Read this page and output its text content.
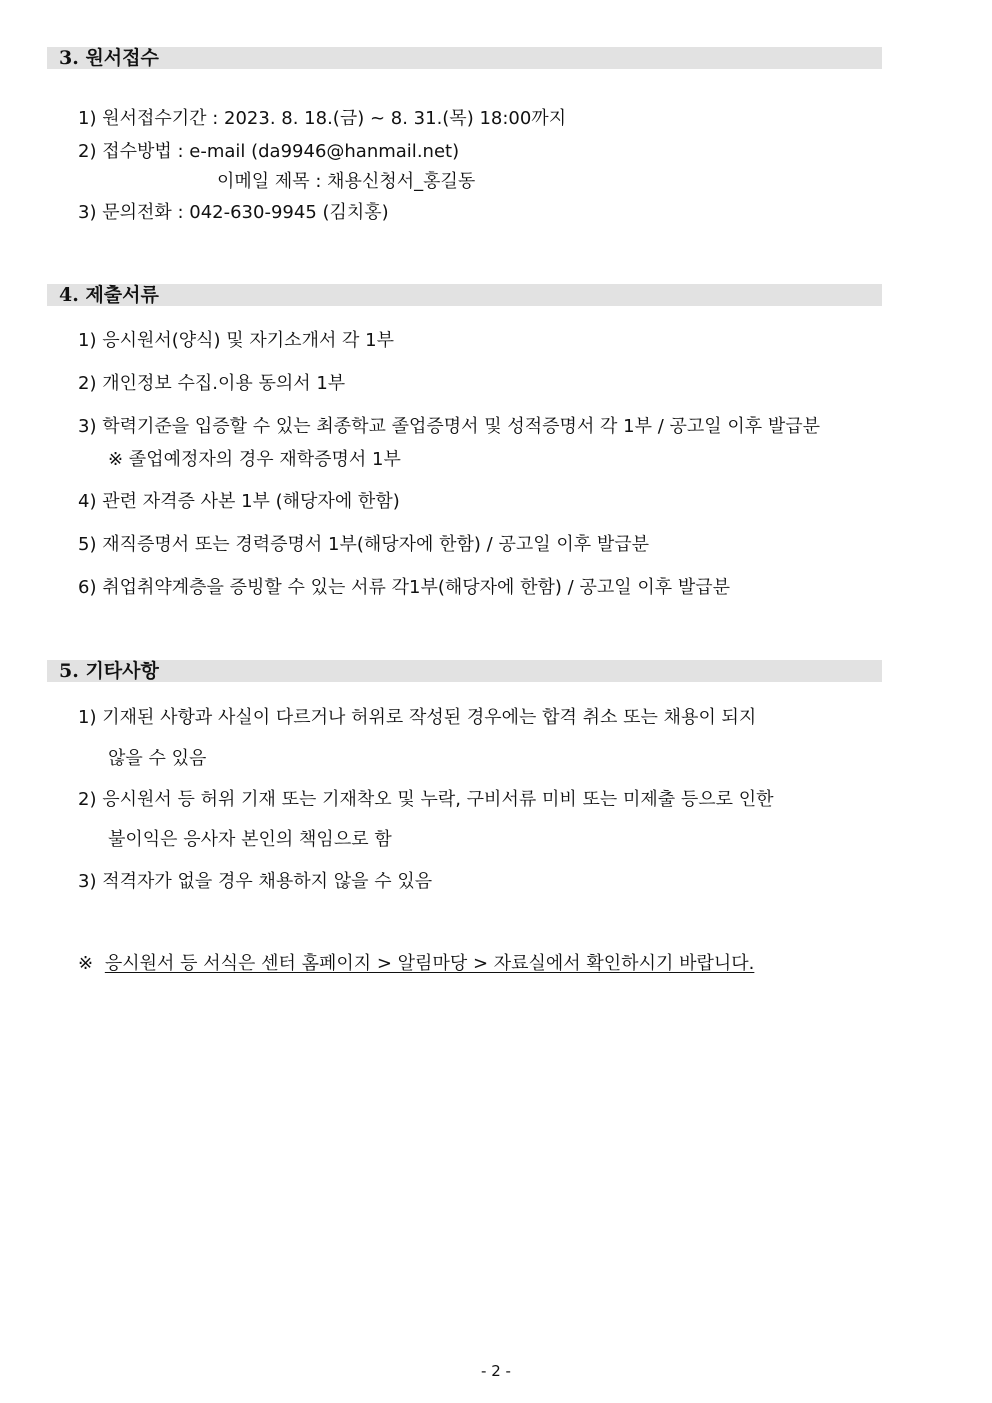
3. 원서접수
1) 원서접수기간 : 2023. 8. 18.(금) ~ 8. 31.(목) 18:00까지
2) 접수방법 : e-mail (da9946@hanmail.net)
이메일 제목 : 채용신청서_홍길동
3) 문의전화 : 042-630-9945 (김치홍)
4. 제출서류
1) 응시원서(양식) 및 자기소개서 각 1부
2) 개인정보 수집.이용 동의서 1부
3) 학력기준을 입증할 수 있는 최종학교 졸업증명서 및 성적증명서 각 1부 / 공고일 이후 발급분
※ 졸업예정자의 경우 재학증명서 1부
4) 관련 자격증 사본 1부 (해당자에 한함)
5) 재직증명서 또는 경력증명서 1부(해당자에 한함) / 공고일 이후 발급분
6) 취업취약계층을 증빙할 수 있는 서류 각1부(해당자에 한함) / 공고일 이후 발급분
5. 기타사항
1) 기재된 사항과 사실이 다르거나 허위로 작성된 경우에는 합격 취소 또는 채용이 되지
않을 수 있음
2) 응시원서 등 허위 기재 또는 기재착오 및 누락, 구비서류 미비 또는 미제출 등으로 인한
불이익은 응사자 본인의 책임으로 함
3) 적격자가 없을 경우 채용하지 않을 수 있음
※ 응시원서 등 서식은 센터 홈페이지 > 알림마당 > 자료실에서 확인하시기 바랍니다.
- 2 -
